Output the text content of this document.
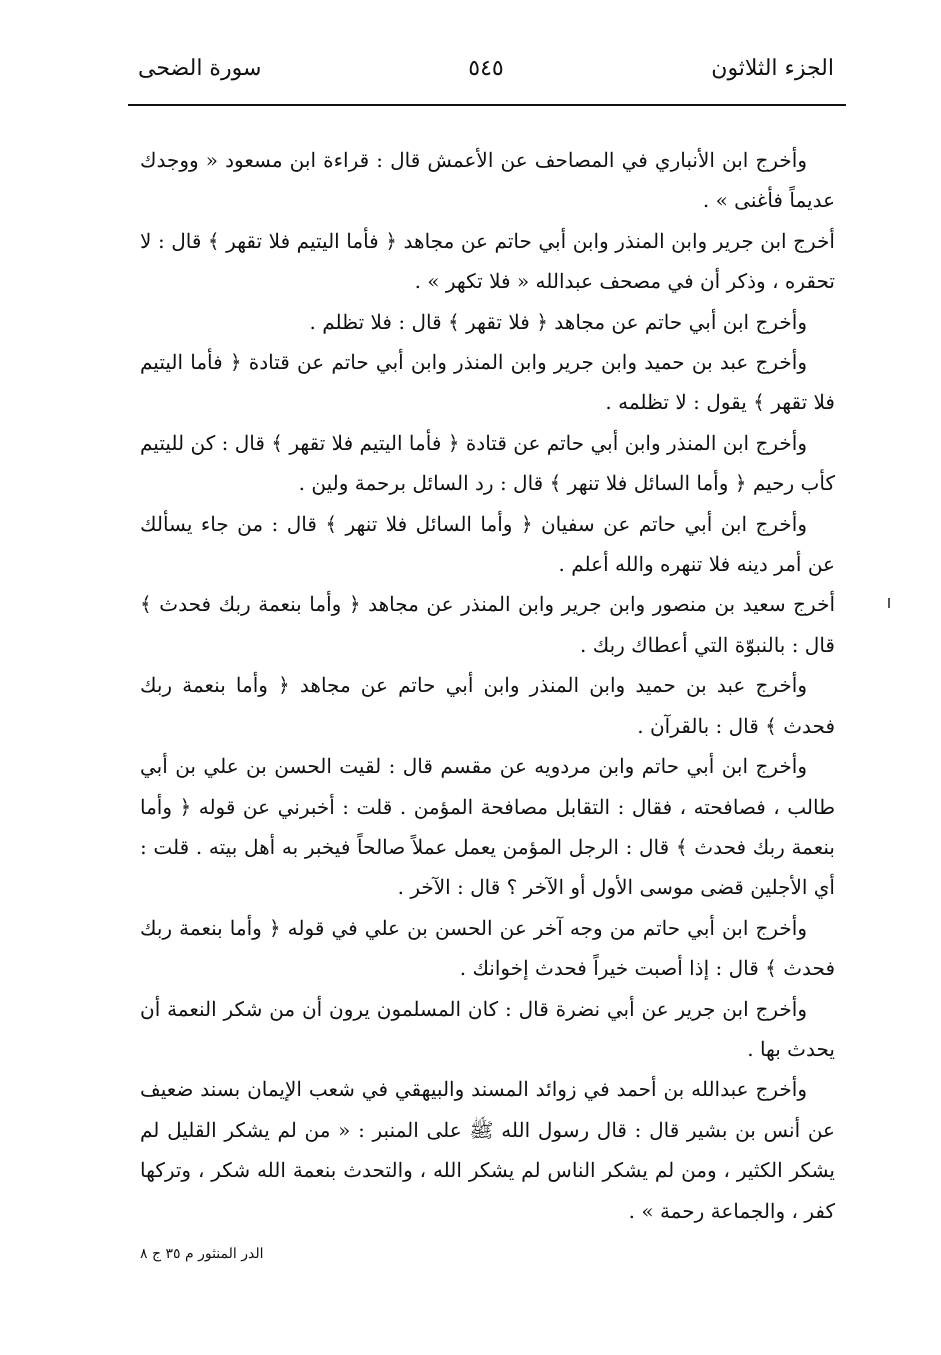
الجزء الثلاثون
٥٤٥
سورة الضحى

وأخرج ابن الأنباري في المصاحف عن الأعمش قال : قراءة ابن مسعود « ووجدك عديماً فأغنى » .

أخرج ابن جرير وابن المنذر وابن أبي حاتم عن مجاهد ﴿ فأما اليتيم فلا تقهر ﴾ قال : لا تحقره ، وذكر أن في مصحف عبدالله « فلا تكهر » .

وأخرج ابن أبي حاتم عن مجاهد ﴿ فلا تقهر ﴾ قال : فلا تظلم .

وأخرج عبد بن حميد وابن جرير وابن المنذر وابن أبي حاتم عن قتادة ﴿ فأما اليتيم فلا تقهر ﴾ يقول : لا تظلمه .

وأخرج ابن المنذر وابن أبي حاتم عن قتادة ﴿ فأما اليتيم فلا تقهر ﴾ قال : كن لليتيم كأب رحيم ﴿ وأما السائل فلا تنهر ﴾ قال : رد السائل برحمة ولين .

وأخرج ابن أبي حاتم عن سفيان ﴿ وأما السائل فلا تنهر ﴾ قال : من جاء يسألك عن أمر دينه فلا تنهره والله أعلم .

أخرج سعيد بن منصور وابن جرير وابن المنذر عن مجاهد ﴿ وأما بنعمة ربك فحدث ﴾ قال : بالنبوّة التي أعطاك ربك .

وأخرج عبد بن حميد وابن المنذر وابن أبي حاتم عن مجاهد ﴿ وأما بنعمة ربك فحدث ﴾ قال : بالقرآن .

وأخرج ابن أبي حاتم وابن مردويه عن مقسم قال : لقيت الحسن بن علي بن أبي طالب ، فصافحته ، فقال : التقابل مصافحة المؤمن . قلت : أخبرني عن قوله ﴿ وأما بنعمة ربك فحدث ﴾ قال : الرجل المؤمن يعمل عملاً صالحاً فيخبر به أهل بيته . قلت : أي الأجلين قضى موسى الأول أو الآخر ؟ قال : الآخر .

وأخرج ابن أبي حاتم من وجه آخر عن الحسن بن علي في قوله ﴿ وأما بنعمة ربك فحدث ﴾ قال : إذا أصبت خيراً فحدث إخوانك .

وأخرج ابن جرير عن أبي نضرة قال : كان المسلمون يرون أن من شكر النعمة أن يحدث بها .

وأخرج عبدالله بن أحمد في زوائد المسند والبيهقي في شعب الإيمان بسند ضعيف عن أنس بن بشير قال : قال رسول الله ﷺ على المنبر : « من لم يشكر القليل لم يشكر الكثير ، ومن لم يشكر الناس لم يشكر الله ، والتحدث بنعمة الله شكر ، وتركها كفر ، والجماعة رحمة » .

الدر المنثور م ٣٥ ج ٨
